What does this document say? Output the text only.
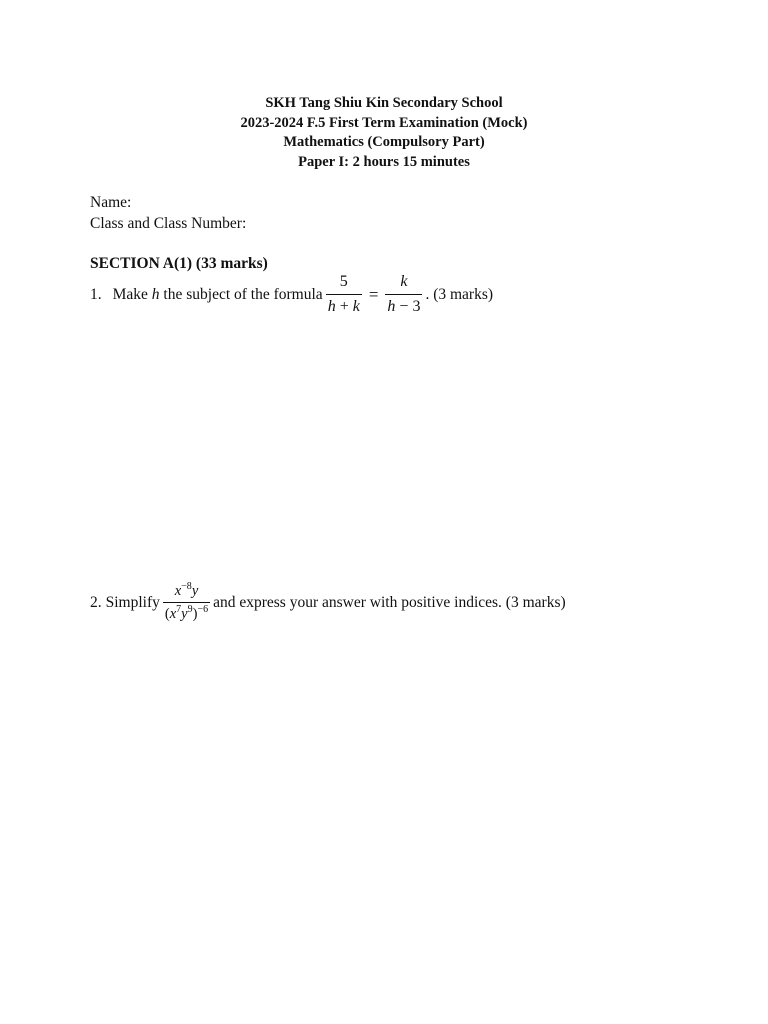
SKH Tang Shiu Kin Secondary School
2023-2024 F.5 First Term Examination (Mock)
Mathematics (Compulsory Part)
Paper I: 2 hours 15 minutes
Name:
Class and Class Number:
SECTION A(1) (33 marks)
1. Make
h
the subject of the formula $\frac{5}{h + k} = \frac{k}{h - 3}$ . (3 marks)
2. Simplify $\frac{x^{-8}y}{(x^7y^9)^{-6}}$ and express your answer with positive indices. (3 marks)
